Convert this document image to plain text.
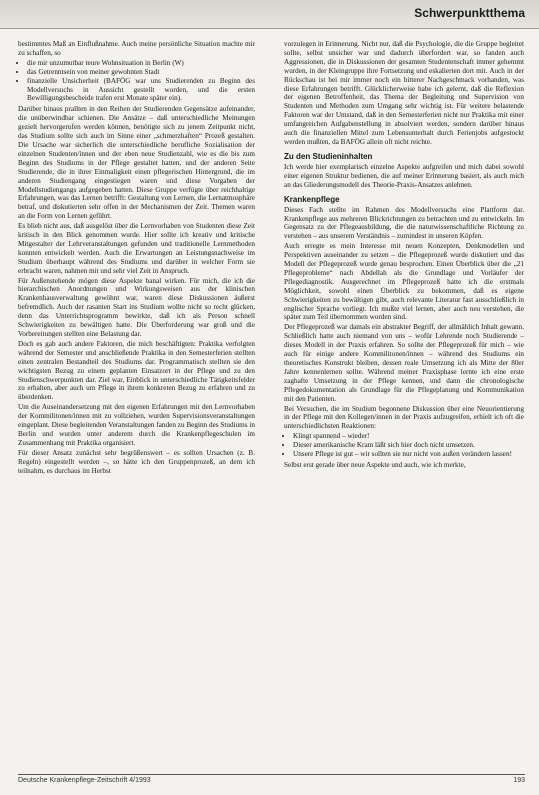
Schwerpunktthema

bestimmtes Maß an Einflußnahme. Auch meine persönliche Situation machte mir zu schaffen, so

• die mir unzumutbar teure Wohnsituation in Berlin (W)
• das Getrenntsein von meiner gewohnten Stadt
• finanzielle Unsicherheit (BAFÖG war uns Studierenden zu Beginn des Modellversuchs in Aussicht gestellt worden, und die ersten Bewilligungsbescheide trafen erst Monate später ein).

Darüber hinaus prallten in den Reihen der Studierenden Gegensätze aufeinander, die unüberwindbar schienen. Die Ansätze – daß unterschiedliche Meinungen gezielt hervorgerufen werden können, benötigte sich zu jenem Zeitpunkt nicht, das Studium sollte sich auch im Sinne einer „schmerzhaften“ Prozeß gestalten. Die Ursache war sicherlich die unterschiedliche berufliche Sozialisation der einzelnen Studenten/innen und der eben neue Studienzahl, wie es die bis zum Beginn des Studiums in der Pflege gestaltet hatten, und der anderen Seite Studierende, die in ihrer Einmaligkeit einen pflegerischen Hintergrund, die im anderen Studiengang eingestiegen waren und diese Vorgaben der Modellstudiengangs aufgegeben hatten. Diese Gruppe verfügte über reichhaltige Erfahrungen, was das Lernen betrifft: Gestaltung von Lernen, die Lernatmosphäre betraf, und diskutierten sehr offen in der Mechanismen der Zeit. Themen waren an die Form von Lernen geführt.

Es blieb nicht aus, daß ausgelöst über die Lernvorhaben von Studenten diese Zeit kritisch in den Blick genommen wurde. Hier sollte ich kreativ und kritische Mitgestalter der Lehrveranstaltungen gefunden und traditionelle Lernmethoden konnten entwickelt werden. Auch die Erwartungen an Leistungsnachweise im Studium überhaupt während des Studiums und darüber in welcher Form sie erbracht waren, nahmen mit und sehr viel Zeit in Anspruch.

Für Außenstehende mögen diese Aspekte banal wirken. Für mich, die ich die hierarchischen Anordnungen und Wirkungsweisen aus der klinischen Krankenhausverwaltung gewöhnt war, waren diese Diskussionen äußerst befremdlich. Auch der rasanten Start ins Studium wollte nicht so recht glücken, denn das Unterrichtsprogramm bewirkte, daß ich als Person schnell Schwierigkeiten zu bewältigen hatte. Die Überforderung war groß und die Vorbereitungen stellten eine Belastung dar.

Doch es gab auch andere Faktoren, die mich beschäftigten: Praktika verfolgten während der Semester und anschließende Praktika in den Semesterferien stellten einen zentralen Bestandteil des Studiums dar. Programmatisch stellten sie den wichtigsten Bezug zu einem geplanten Einsatzort in der Pflege und zu den Studienschwerpunkten dar. Ziel war, Einblick in unterschiedliche Tätigkeitsfelder zu erhalten, aber auch um Pflege in ihrem konkreten Bezug zu erfahren und zu überdenken.

Um die Auseinandersetzung mit den eigenen Erfahrungen mit den Lernvorhaben der Kommilitonen/innen mit zu vollziehen, wurden Supervisionsveranstaltungen eingeplant. Diese begleitenden Veranstaltungen fanden zu Beginn des Studiums in Berlin und wurden unter anderem durch die Krankenpflegeschulen im Zusammenhang mit Praktika organisiert.

Für dieser Ansatz zunächst sehr begrüßenswert – es sollten Ursachen (z. B. Regeln) eingestellt werden –, so hätte ich den Gruppenprozeß, an dem ich teilnahm, es durchaus im Herbst

vorzulegen in Erinnerung. Nicht nur, daß die Psychologie, die die Gruppe begleitet sollte, selbst unsicher war und dadurch überfordert war, so fanden auch Aggressionen, die in Diskussionen der gesamten Studentenschaft immer gehemmt wurden, in der Kleingruppe ihre Fortsetzung und eskalierten dort mit. Auch in der Rückschau ist bei mir immer noch ein bitterer Nachgeschmack vorhanden, was diese Erfahrungen betrifft. Glücklicherweise habe ich gelernt, daß die Reflexion der eigenen Betroffenheit, das Thema der Begleitung und Supervision von Studenten und Methoden zum Umgang sehr wichtig ist. Für weitere belastende Faktoren war der Umstand, daß in den Semesterferien nicht nur Praktika mit einer umfangreichen Aufgabenstellung in absolviert werden, sondern darüber hinaus auch die finanziellen Mittel zum Lebensunterhalt durch Ferienjobs aufgestockt werden mußten, da BAFÖG allein oft nicht reichte.

Zu den Studieninhalten

Ich werde hier exemplarisch einzelne Aspekte aufgreifen und mich dabei sowohl einer eigenen Struktur bedienen, die auf meiner Erinnerung basiert, als auch mich an das Gliederungsmodell des Theorie-Praxis-Ansatzes anlehnen.

Krankenpflege

Dieses Fach stellte im Rahmen des Modellversuchs eine Plattform dar. Krankenpflege aus mehreren Blickrichtungen zu betrachten und zu entwickeln. Im Gegensatz zu der Pflegeausbildung, die die naturwissenschaftliche Richtung zu verstehen – aus unserem Verständnis – zumindest in unseren Köpfen.

Auch erregte es mein Interesse mit neuen Konzepten, Denkmodellen und Perspektiven auseinander zu setzen – die Pflegeprozeß wurde diskutiert und das Modell der Pflegeprozeß wurde genau besprochen. Einen Überblick über die „21 Pflegeprobleme“ nach Abdellah als die Grundlage und Vorläufer der Pflegediagnostik. Ausgerechnet im Pflegeprozeß hatte ich die erstmals Möglichkeit, sowohl einen Überblick zu bekommen, daß es eigene Schwierigkeiten zu bewältigen gibt, auch relevante Literatur fast ausschließlich in englischer Sprache vorliegt. Ich mußte viel lernen, aber auch neu verstehen, die später zum Teil übernommen worden sind.

Der Pflegeprozeß war damals ein abstrakter Begriff, der allmählich Inhalt gewann. Schließlich hatte auch niemand von uns – wofür Lehrende noch Studierende – dieses Modell in der Praxis erfahren. So sollte der Pflegeprozeß für mich – wie auch für einige andere Kommilitonen/innen – während des Studiums ein theoretisches Konstrukt bleiben, dessen reale Umsetzung ich als Mitte der 80er Jahre kennenlernen sollte. Während meiner Praxisphase lernte ich eine erste zaghafte Umsetzung in der Pflege kennen, und dann die chronologische Pflegedokumentation als Grundlage für die Pflegeplanung und Kommunikation mit den Patienten.

Bei Versuchen, die im Studium begonnene Diskussion über eine Neuorientierung in der Pflege mit den Kollegen/innen in der Praxis aufzugreifen, erhielt ich oft die unterschiedlichsten Reaktionen:

• Klingt spannend – wieder!
• Dieser amerikanische Kram läßt sich hier doch nicht umsetzen.
• Unsere Pflege ist gut – wir sollten sie nur nicht von außen verändern lassen!

Selbst erst gerade über neue Aspekte und auch, wie ich merkte,

Deutsche Krankenpflege-Zeitschrift 4/1993	193
